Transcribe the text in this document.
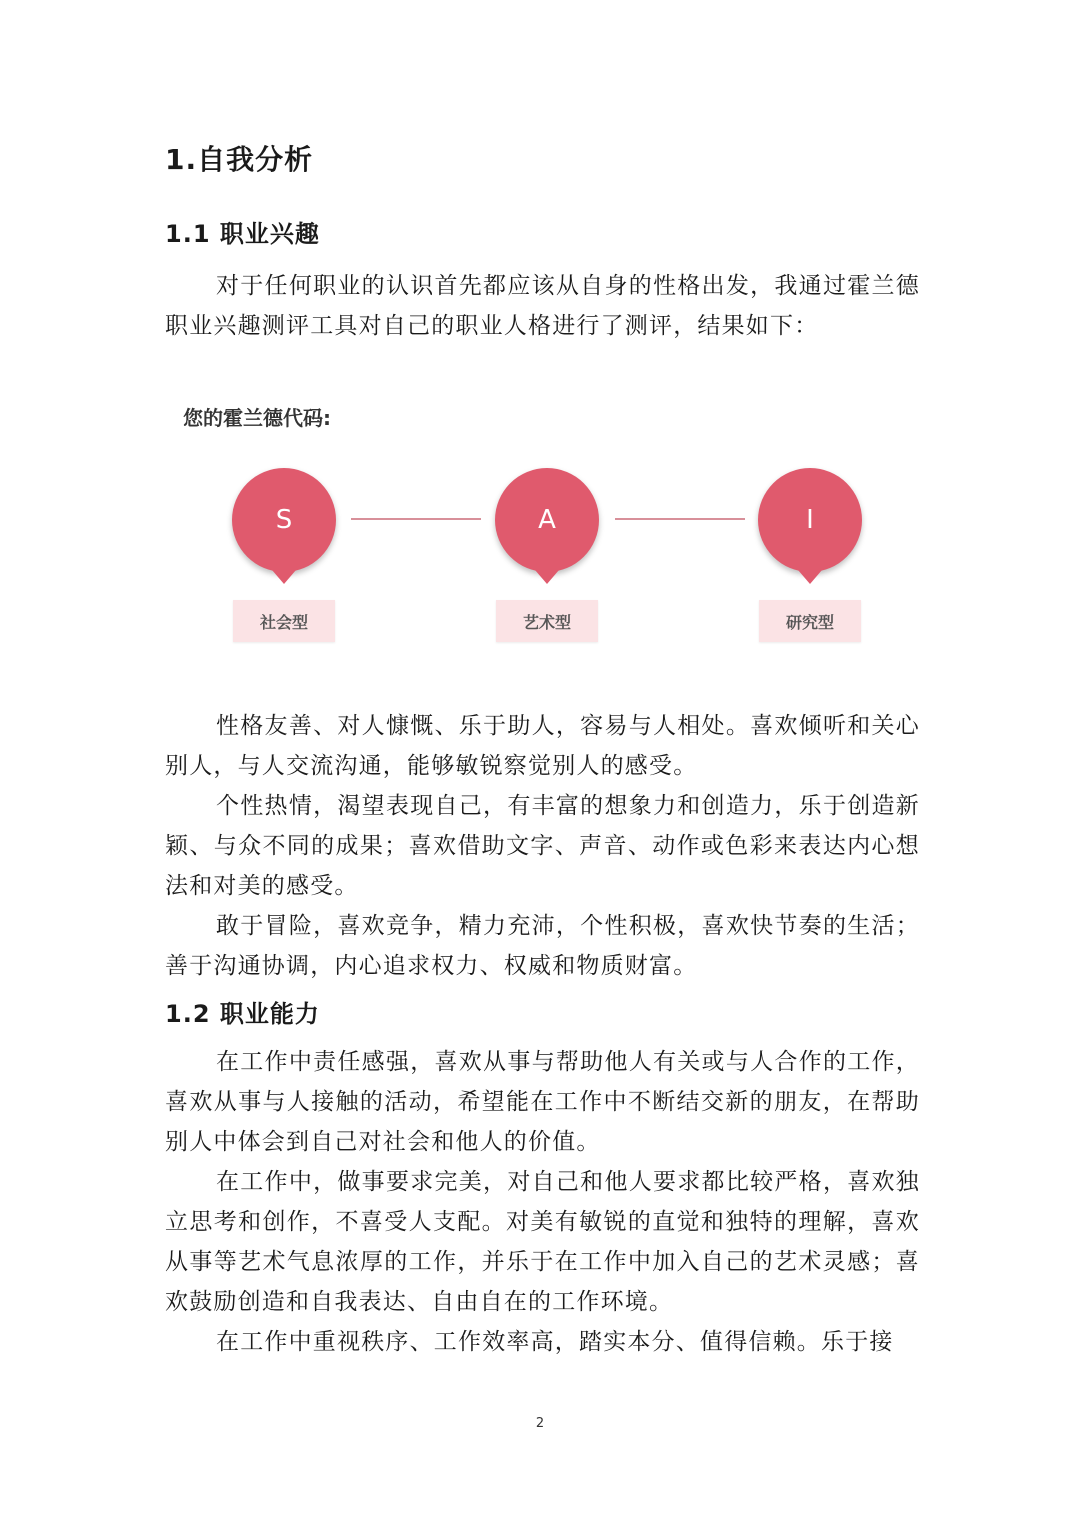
1.自我分析
1.1 职业兴趣

对于任何职业的认识首先都应该从自身的性格出发，我通过霍兰德职业兴趣测评工具对自己的职业人格进行了测评，结果如下：

您的霍兰德代码:
S	A	I
社会型	艺术型	研究型

性格友善、对人慷慨、乐于助人，容易与人相处。喜欢倾听和关心别人，与人交流沟通，能够敏锐察觉别人的感受。

个性热情，渴望表现自己，有丰富的想象力和创造力，乐于创造新颖、与众不同的成果；喜欢借助文字、声音、动作或色彩来表达内心想法和对美的感受。

敢于冒险，喜欢竞争，精力充沛，个性积极，喜欢快节奏的生活；善于沟通协调，内心追求权力、权威和物质财富。

1.2 职业能力

在工作中责任感强，喜欢从事与帮助他人有关或与人合作的工作，喜欢从事与人接触的活动，希望能在工作中不断结交新的朋友，在帮助别人中体会到自己对社会和他人的价值。

在工作中，做事要求完美，对自己和他人要求都比较严格，喜欢独立思考和创作，不喜受人支配。对美有敏锐的直觉和独特的理解，喜欢从事等艺术气息浓厚的工作，并乐于在工作中加入自己的艺术灵感；喜欢鼓励创造和自我表达、自由自在的工作环境。

在工作中重视秩序、工作效率高，踏实本分、值得信赖。乐于接

2
